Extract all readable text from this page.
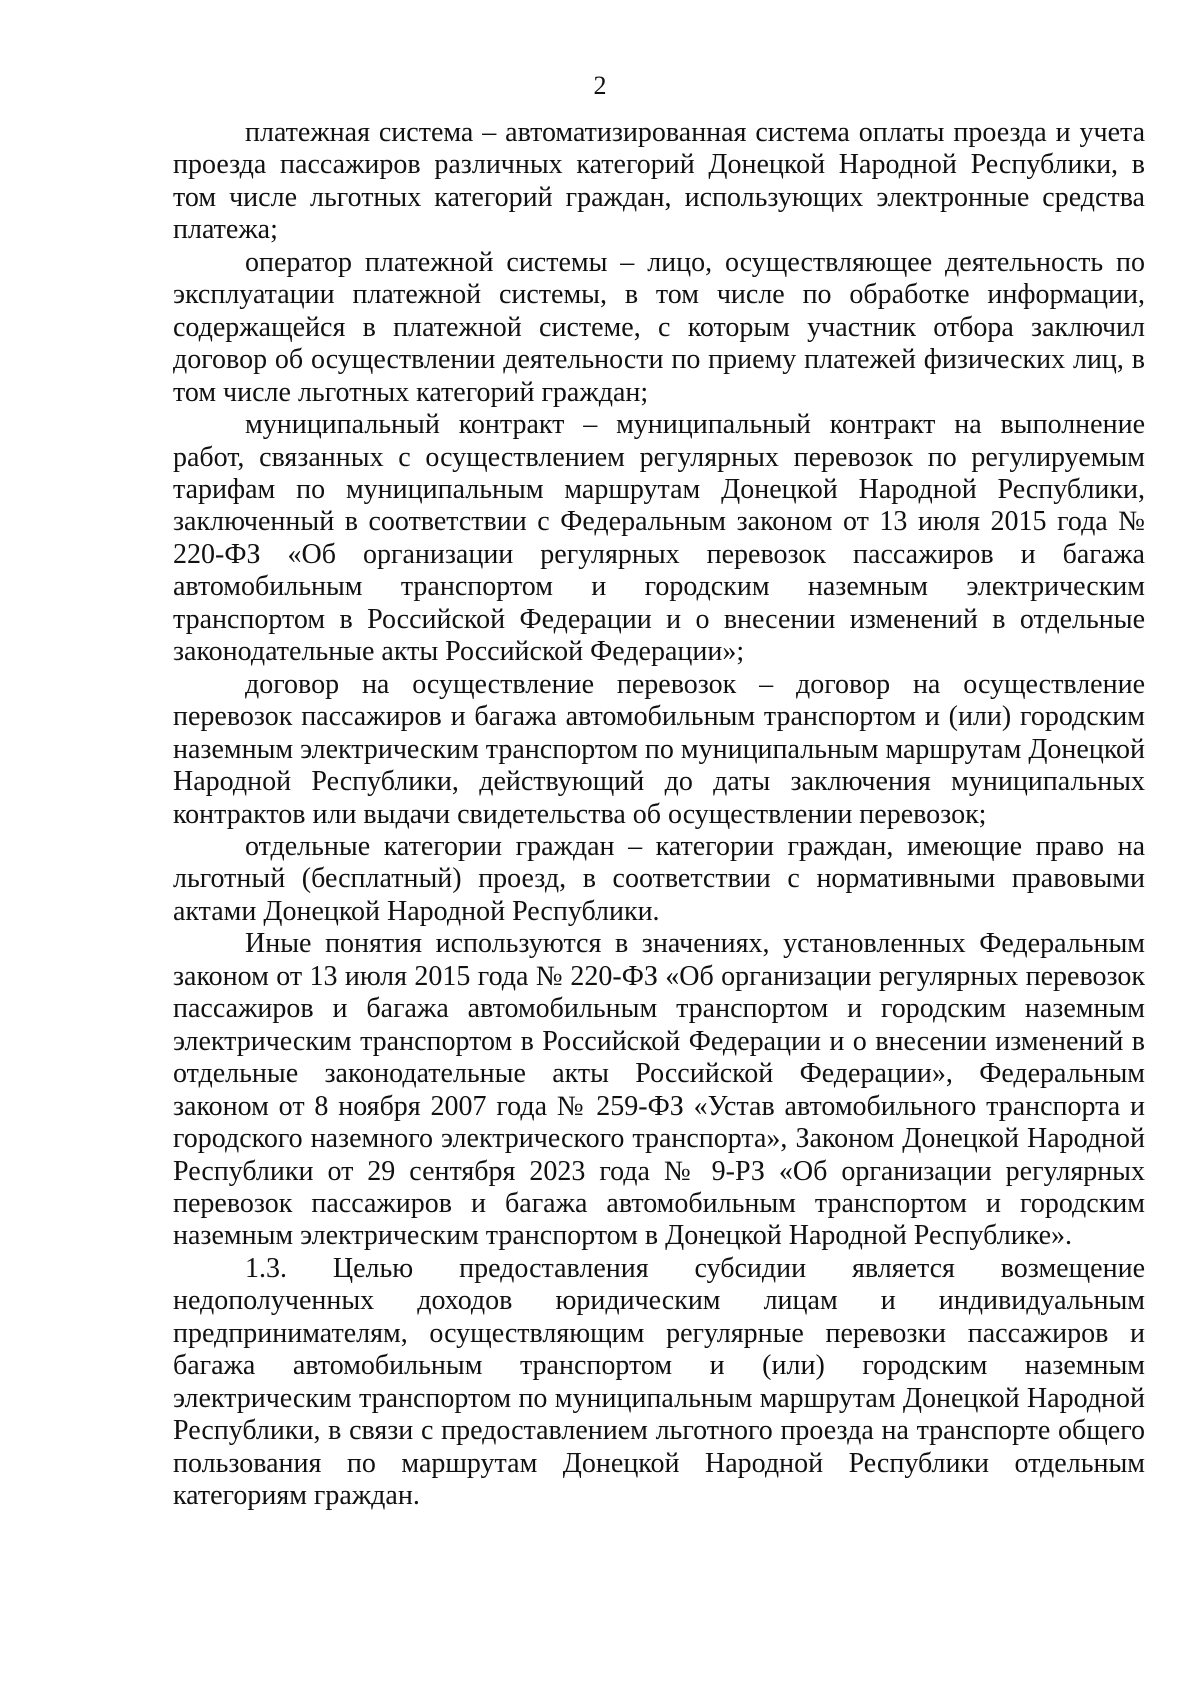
2

платежная система – автоматизированная система оплаты проезда и учета проезда пассажиров различных категорий Донецкой Народной Республики, в том числе льготных категорий граждан, использующих электронные средства платежа;

оператор платежной системы – лицо, осуществляющее деятельность по эксплуатации платежной системы, в том числе по обработке информации, содержащейся в платежной системе, с которым участник отбора заключил договор об осуществлении деятельности по приему платежей физических лиц, в том числе льготных категорий граждан;

муниципальный контракт – муниципальный контракт на выполнение работ, связанных с осуществлением регулярных перевозок по регулируемым тарифам по муниципальным маршрутам Донецкой Народной Республики, заключенный в соответствии с Федеральным законом от 13 июля 2015 года № 220-ФЗ «Об организации регулярных перевозок пассажиров и багажа автомобильным транспортом и городским наземным электрическим транспортом в Российской Федерации и о внесении изменений в отдельные законодательные акты Российской Федерации»;

договор на осуществление перевозок – договор на осуществление перевозок пассажиров и багажа автомобильным транспортом и (или) городским наземным электрическим транспортом по муниципальным маршрутам Донецкой Народной Республики, действующий до даты заключения муниципальных контрактов или выдачи свидетельства об осуществлении перевозок;

отдельные категории граждан – категории граждан, имеющие право на льготный (бесплатный) проезд, в соответствии с нормативными правовыми актами Донецкой Народной Республики.

Иные понятия используются в значениях, установленных Федеральным законом от 13 июля 2015 года № 220-ФЗ «Об организации регулярных перевозок пассажиров и багажа автомобильным транспортом и городским наземным электрическим транспортом в Российской Федерации и о внесении изменений в отдельные законодательные акты Российской Федерации», Федеральным законом от 8 ноября 2007 года № 259-ФЗ «Устав автомобильного транспорта и городского наземного электрического транспорта», Законом Донецкой Народной Республики от 29 сентября 2023 года № 9-РЗ «Об организации регулярных перевозок пассажиров и багажа автомобильным транспортом и городским наземным электрическим транспортом в Донецкой Народной Республике».

1.3. Целью предоставления субсидии является возмещение недополученных доходов юридическим лицам и индивидуальным предпринимателям, осуществляющим регулярные перевозки пассажиров и багажа автомобильным транспортом и (или) городским наземным электрическим транспортом по муниципальным маршрутам Донецкой Народной Республики, в связи с предоставлением льготного проезда на транспорте общего пользования по маршрутам Донецкой Народной Республики отдельным категориям граждан.
